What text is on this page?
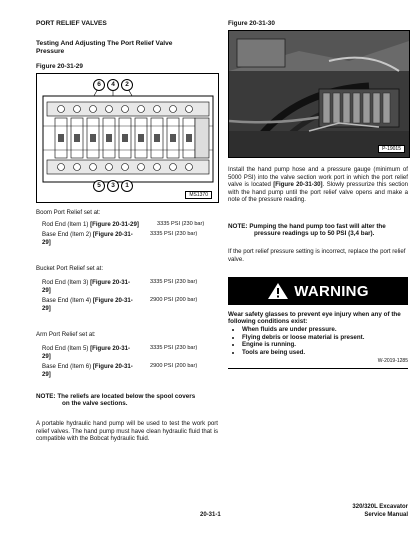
PORT RELIEF VALVES
Testing And Adjusting The Port Relief Valve Pressure
Figure 20-31-29
6	4	2
5	3	1
MS1370
Boom Port Relief set at:
Rod End (Item 1) [Figure 20-31-29]	3335 PSI (230 bar)
Base End (Item 2) [Figure 20-31-
29]
3335 PSI (230 bar)
Bucket Port Relief set at:
Rod End (Item 3) [Figure 20-31-
29]
3335 PSI (230 bar)
Base End (Item 4) [Figure 20-31-
29]
2900 PSI (200 bar)
Arm Port Relief set at:
Rod End (Item 5) [Figure 20-31-
29]
3335 PSI (230 bar)
Base End (Item 6) [Figure 20-31-
29]
2900 PSI (200 bar)
NOTE: The reliefs are located below the spool covers
on the valve sections.
A portable hydraulic hand pump will be used to test the work port relief valves. The hand pump must have clean hydraulic fluid that is compatible with the Bobcat hydraulic fluid.
Figure 20-31-30
P-19015
Install the hand pump hose and a pressure gauge (minimum of 5000 PSI) into the valve section work port in which the port relief valve is located [Figure 20-31-30]. Slowly pressurize this section with the hand pump until the port relief valve opens and make a note of the pressure reading.
NOTE: Pumping the hand pump too fast will alter the
pressure readings up to 50 PSI (3,4 bar).
If the port relief pressure setting is incorrect, replace the port relief valve.
WARNING
Wear safety glasses to prevent eye injury when any of the following conditions exist:
• When fluids are under pressure.
• Flying debris or loose material is present.
• Engine is running.
• Tools are being used.
W-2019-1285
20-31-1
320/320L Excavator
Service Manual
